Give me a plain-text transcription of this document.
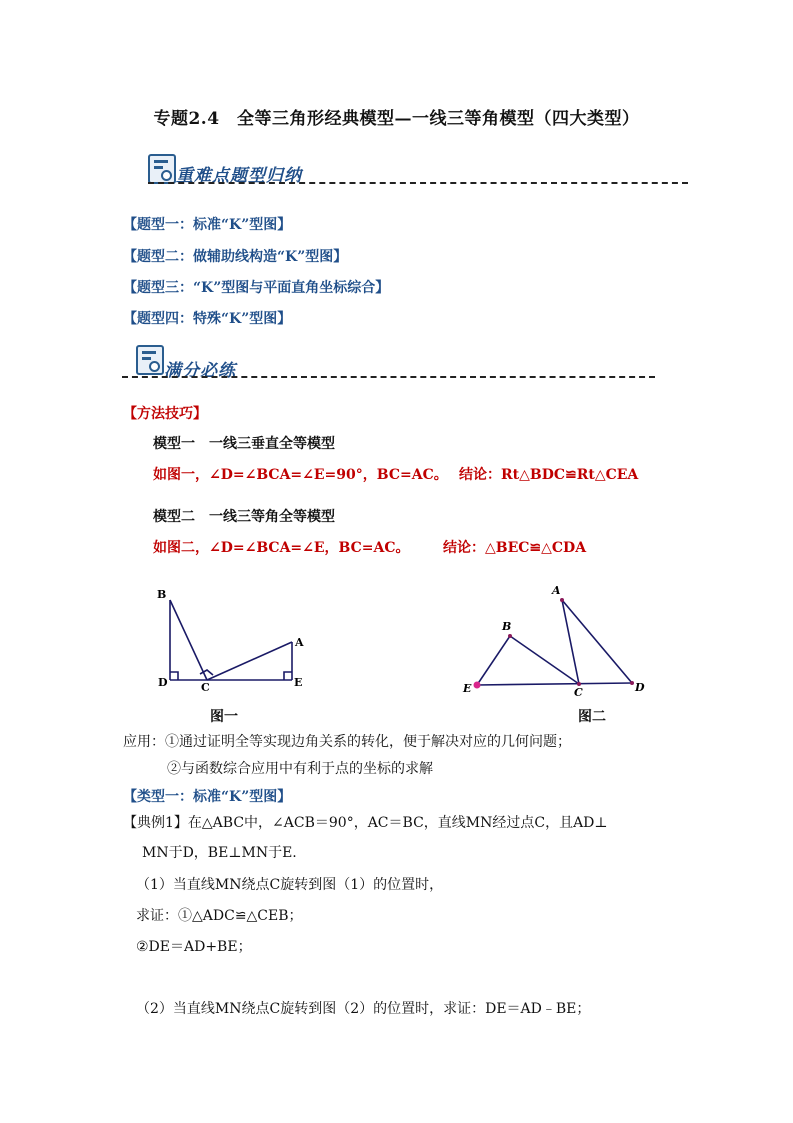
专题2.4　全等三角形经典模型—一线三等角模型（四大类型）
重难点题型归纳
【题型一：标准“K”型图】
【题型二：做辅助线构造“K”型图】
【题型三：“K”型图与平面直角坐标综合】
【题型四：特殊“K”型图】
满分必练
【方法技巧】
模型一　一线三垂直全等模型
如图一，∠D=∠BCA=∠E=90°，BC=AC。 结论：Rt△BDC≌Rt△CEA
模型二　一线三等角全等模型
如图二，∠D=∠BCA=∠E，BC=AC。 结论：△BEC≌△CDA
B
A
D	C	E
图一
A
B
E	C	D
图二
应用：①通过证明全等实现边角关系的转化，便于解决对应的几何问题；
②与函数综合应用中有利于点的坐标的求解
【类型一：标准“K”型图】
【典例1】在△ABC中，∠ACB＝90°，AC＝BC，直线MN经过点C，且AD⊥
MN于D，BE⊥MN于E.
（1）当直线MN绕点C旋转到图（1）的位置时，
求证：①△ADC≌△CEB；
②DE＝AD+BE；
（2）当直线MN绕点C旋转到图（2）的位置时，求证：DE＝AD﹣BE；
